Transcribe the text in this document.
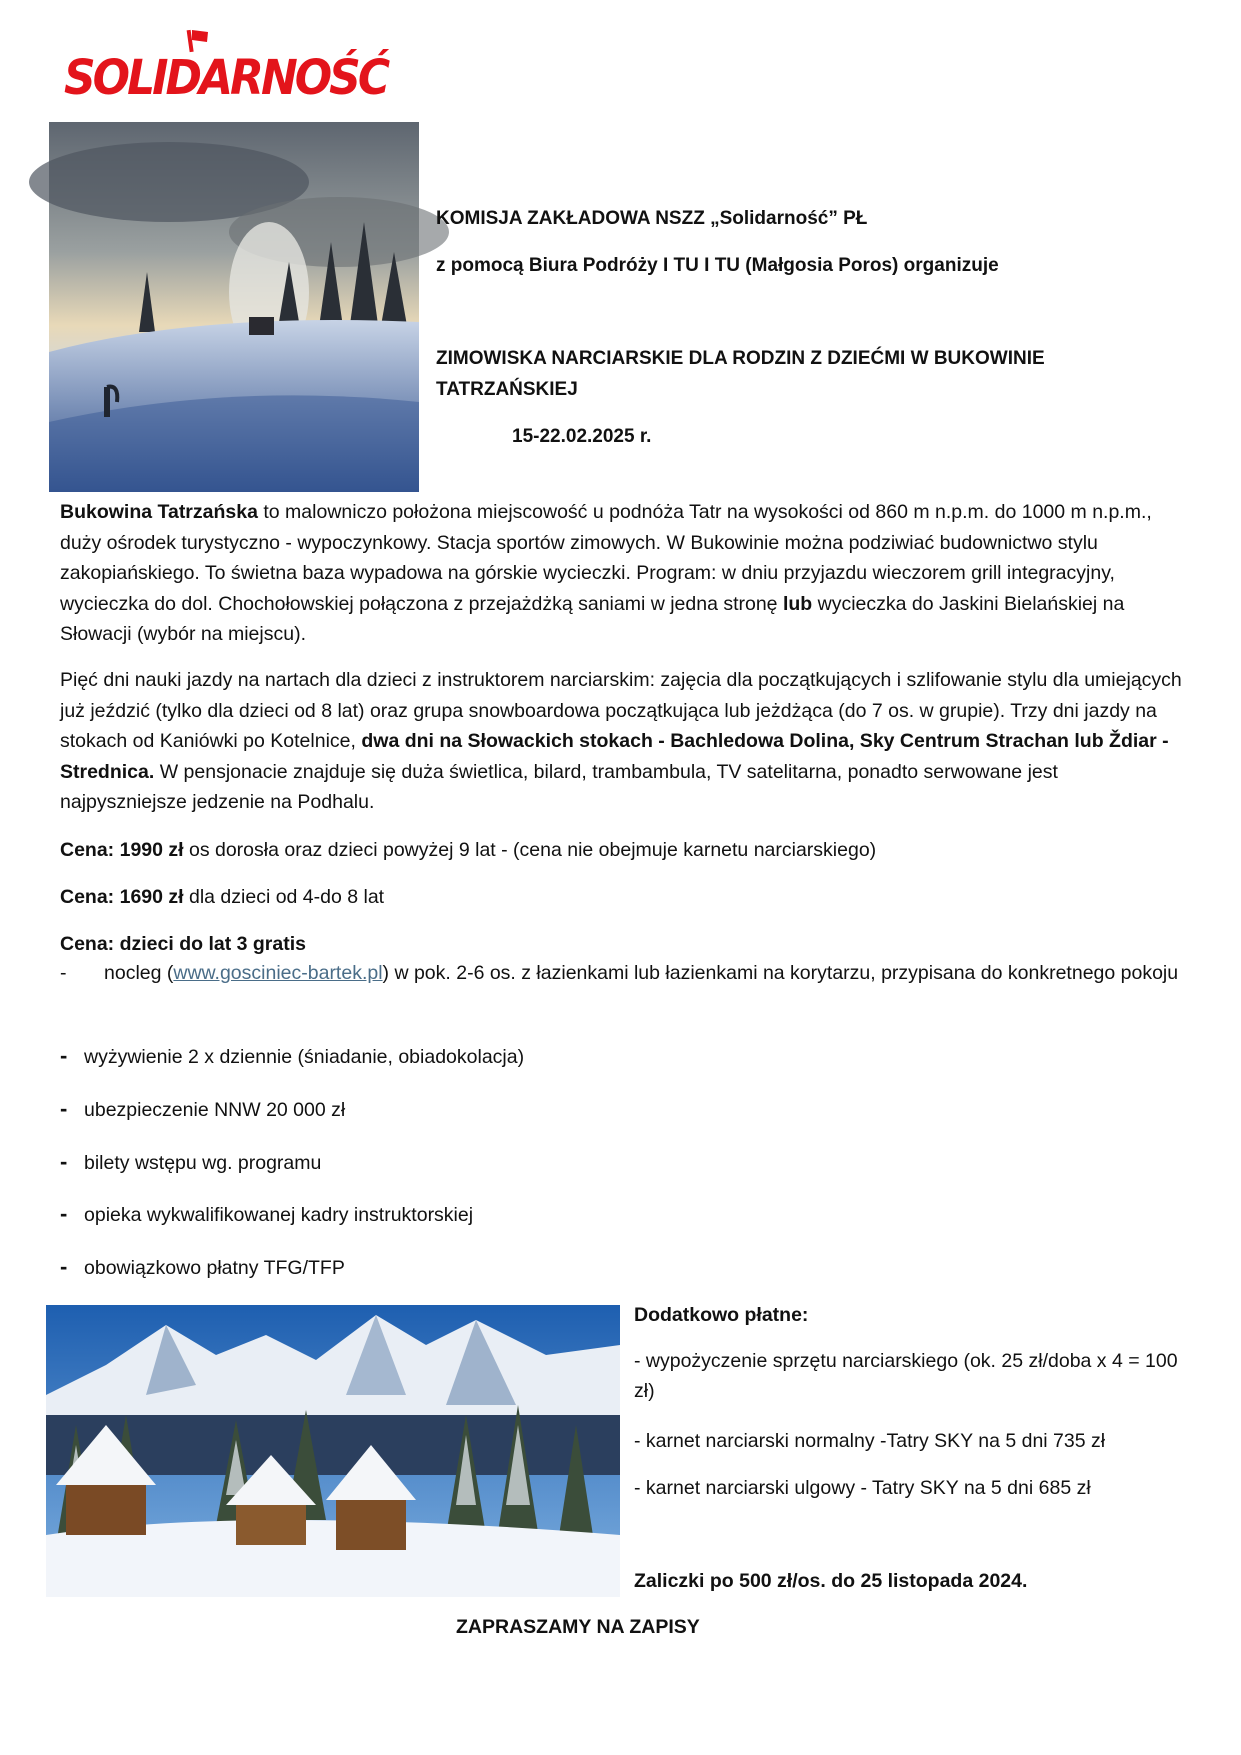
SOLIDARNOŚĆ
KOMISJA ZAKŁADOWA NSZZ „Solidarność” PŁ
z pomocą Biura Podróży I TU I TU (Małgosia Poros) organizuje
ZIMOWISKA NARCIARSKIE DLA RODZIN Z DZIEĆMI W BUKOWINIE TATRZAŃSKIEJ
15-22.02.2025 r.
Bukowina Tatrzańska to malowniczo położona miejscowość u podnóża Tatr na wysokości od 860 m n.p.m. do 1000 m n.p.m., duży ośrodek turystyczno - wypoczynkowy. Stacja sportów zimowych. W Bukowinie można podziwiać budownictwo stylu zakopiańskiego. To świetna baza wypadowa na górskie wycieczki. Program: w dniu przyjazdu wieczorem grill integracyjny, wycieczka do dol. Chochołowskiej połączona z przejażdżką saniami w jedna stronę lub wycieczka do Jaskini Bielańskiej na Słowacji (wybór na miejscu).
Pięć dni nauki jazdy na nartach dla dzieci z instruktorem narciarskim: zajęcia dla początkujących i szlifowanie stylu dla umiejących już jeździć (tylko dla dzieci od 8 lat) oraz grupa snowboardowa początkująca lub jeżdżąca (do 7 os. w grupie). Trzy dni jazdy na stokach od Kaniówki po Kotelnice, dwa dni na Słowackich stokach - Bachledowa Dolina, Sky Centrum Strachan lub Ždiar - Strednica. W pensjonacie znajduje się duża świetlica, bilard, trambambula, TV satelitarna, ponadto serwowane jest najpyszniejsze jedzenie na Podhalu.
Cena: 1990 zł os dorosła oraz dzieci powyżej 9 lat - (cena nie obejmuje karnetu narciarskiego)
Cena: 1690 zł dla dzieci od 4-do 8 lat
Cena: dzieci do lat 3 gratis
- nocleg (www.gosciniec-bartek.pl) w pok. 2-6 os. z łazienkami lub łazienkami na korytarzu, przypisana do konkretnego pokoju
- wyżywienie 2 x dziennie (śniadanie, obiadokolacja)
- ubezpieczenie NNW 20 000 zł
- bilety wstępu wg. programu
- opieka wykwalifikowanej kadry instruktorskiej
- obowiązkowo płatny TFG/TFP
Dodatkowo płatne:
- wypożyczenie sprzętu narciarskiego (ok. 25 zł/doba x 4 = 100 zł)
- karnet narciarski normalny -Tatry SKY na 5 dni 735 zł
- karnet narciarski ulgowy - Tatry SKY na 5 dni 685 zł
Zaliczki po 500 zł/os. do 25 listopada 2024.
ZAPRASZAMY NA ZAPISY
